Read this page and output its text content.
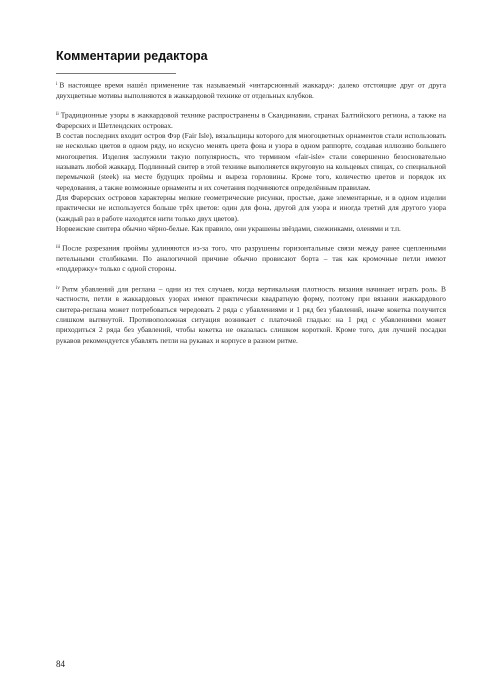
Комментарии редактора

$^i$ В настоящее время нашёл применение так называемый «интарсионный жаккард»: далеко отстоящие друг от друга двухцветные мотивы выполняются в жаккардовой технике от отдельных клубков.

$^{ii}$ Традиционные узоры в жаккардовой технике распространены в Скандинавии, странах Балтийского региона, а также на Фарерских и Шетлендских островах.

В состав последних входит остров Фэр (Fair Isle), вязальщицы которого для многоцветных орнаментов стали использовать не несколько цветов в одном ряду, но искусно менять цвета фона и узора в одном раппорте, создавая иллюзию большего многоцветия. Изделия заслужили такую популярность, что термином «fair-isle» стали совершенно безосновательно называть любой жаккард. Подлинный свитер в этой технике выполняется вкруговую на кольцевых спицах, со специальной перемычкой (steek) на месте будущих проймы и выреза горловины. Кроме того, количество цветов и порядок их чередования, а также возможные орнаменты и их сочетания подчиняются определённым правилам.

Для Фарерских островов характерны мелкие геометрические рисунки, простые, даже элементарные, и в одном изделии практически не используется больше трёх цветов: один для фона, другой для узора и иногда третий для другого узора (каждый раз в работе находятся нити только двух цветов).

Норвежские свитера обычно чёрно-белые. Как правило, они украшены звёздами, снежинками, оленями и т.п.

$^{iii}$ После разрезания проймы удлиняются из-за того, что разрушены горизонтальные связи между ранее сцепленными петельными столбиками. По аналогичной причине обычно провисают борта – так как кромочные петли имеют «поддержку» только с одной стороны.

$^{iv}$ Ритм убавлений для реглана – одни из тех случаев, когда вертикальная плотность вязания начинает играть роль. В частности, петли в жаккардовых узорах имеют практически квадратную форму, поэтому при вязании жаккардового свитера-реглана может потребоваться чередовать 2 ряда с убавлениями и 1 ряд без убавлений, иначе кокетка получится слишком вытянутой. Противоположная ситуация возникает с платочной гладью: на 1 ряд с убавлениями может приходиться 2 ряда без убавлений, чтобы кокетка не оказалась слишком короткой. Кроме того, для лучшей посадки рукавов рекомендуется убавлять петли на рукавах и корпусе в разном ритме.

84
